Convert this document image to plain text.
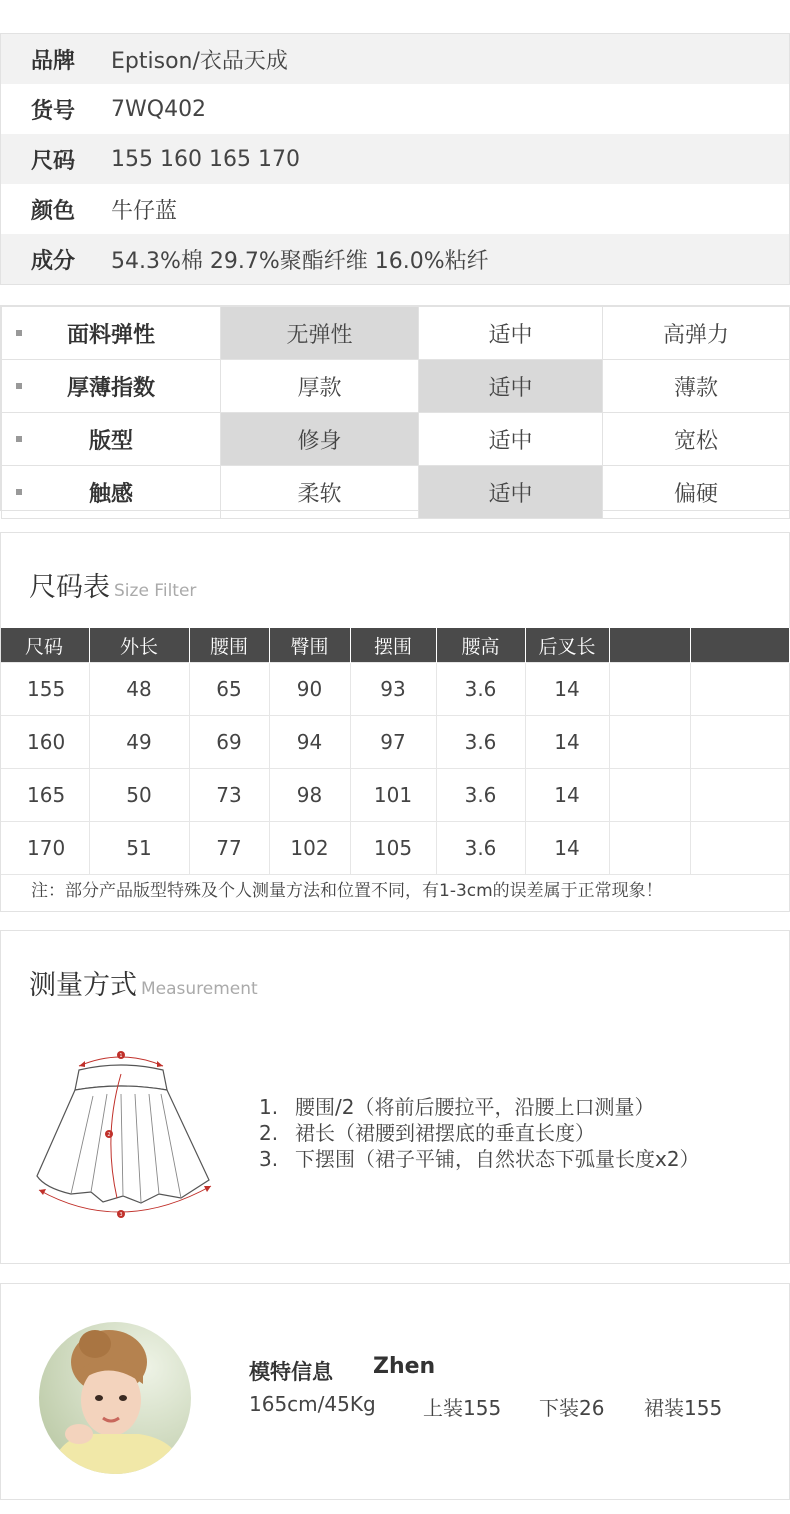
品牌	Eptison/衣品天成
货号	7WQ402
尺码	155 160 165 170
颜色	牛仔蓝
成分	54.3%棉 29.7%聚酯纤维 16.0%粘纤
面料弹性	无弹性	适中	高弹力

厚薄指数	厚款	适中	薄款

版型	修身	适中	宽松

触感	柔软	适中	偏硬
尺码表 Size Filter
尺码	外长	腰围	臀围	摆围	腰高	后叉长		
155	48	65	90	93	3.6	14		
160	49	69	94	97	3.6	14		
165	50	73	98	101	3.6	14		
170	51	77	102	105	3.6	14		
注：部分产品版型特殊及个人测量方法和位置不同，有1-3cm的误差属于正常现象！
测量方式 Measurement
1
2
3
1. 腰围/2（将前后腰拉平，沿腰上口测量）
2. 裙长（裙腰到裙摆底的垂直长度）
3. 下摆围（裙子平铺，自然状态下弧量长度x2）
模特信息 Zhen
165cm/45Kg 上装155 下装26 裙装155
